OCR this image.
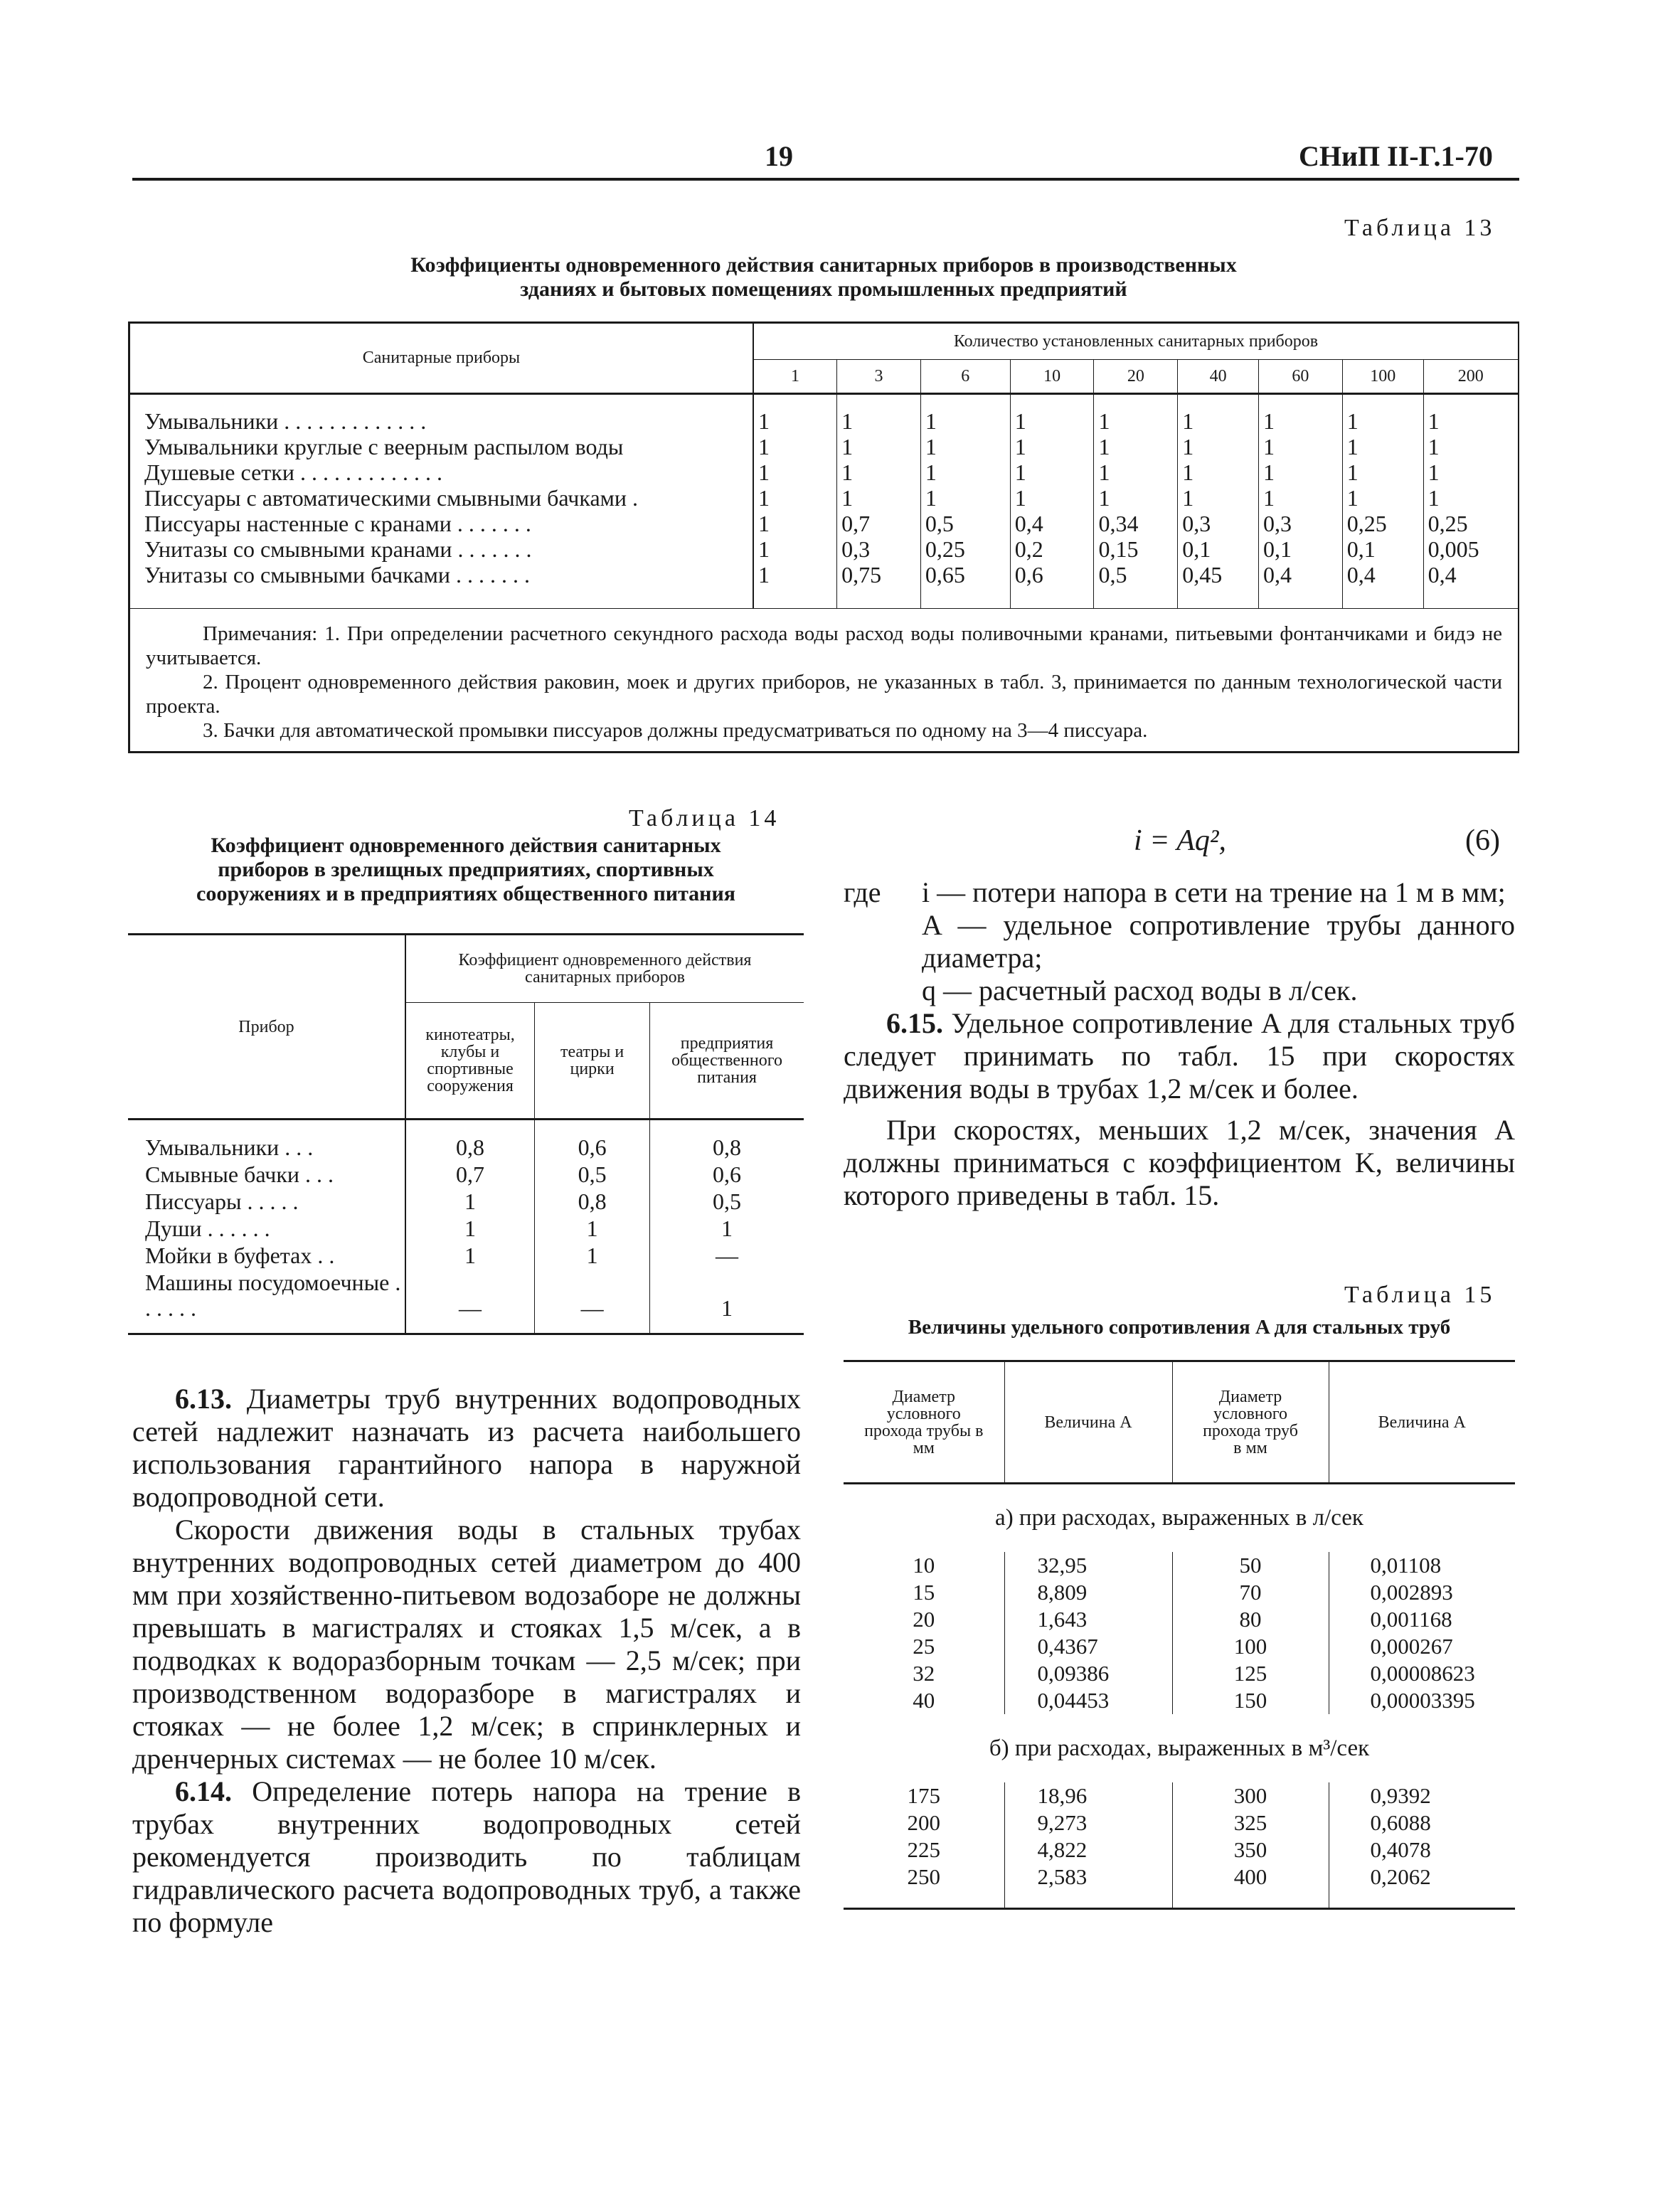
19	СНиП II-Г.1-70
Таблица 13
Коэффициенты одновременного действия санитарных приборов в производственных
зданиях и бытовых помещениях промышленных предприятий
Санитарные приборы	Количество установленных санитарных приборов								
	1	3	6	10	20	40	60	100	200

Умывальники . . . . . . . . . . . . .	1	1	1	1	1	1	1	1	1
Умывальники круглые с веерным распылом воды	1	1	1	1	1	1	1	1	1
Душевые сетки . . . . . . . . . . . . .	1	1	1	1	1	1	1	1	1
Писсуары с автоматическими смывными бачками .	1	1	1	1	1	1	1	1	1
Писсуары настенные с кранами . . . . . . .	1	0,7	0,5	0,4	0,34	0,3	0,3	0,25	0,25
Унитазы со смывными кранами . . . . . . .	1	0,3	0,25	0,2	0,15	0,1	0,1	0,1	0,005
Унитазы со смывными бачками . . . . . . .	1	0,75	0,65	0,6	0,5	0,45	0,4	0,4	0,4

Примечания: 1. При определении расчетного секундного расхода воды расход воды поливочными кранами, питьевыми фонтанчиками и бидэ не учитывается.

2. Процент одновременного действия раковин, моек и других приборов, не указанных в табл. 3, принимается по данным технологической части проекта.

3. Бачки для автоматической промывки писсуаров должны предусматриваться по одному на 3—4 писсуара.									

Таблица 14
Коэффициент одновременного действия санитарных
приборов в зрелищных предприятиях, спортивных
сооружениях и в предприятиях общественного питания
Прибор	Коэффициент одновременного действия санитарных приборов		
	кинотеатры, клубы и спортивные сооружения	театры и цирки	предприятия общественного питания

Умывальники . . .	0,8	0,6	0,8
Смывные бачки . . .	0,7	0,5	0,6
Писсуары . . . . .	1	0,8	0,5
Души . . . . . .	1	1	1
Мойки в буфетах . .	1	1	—
Машины посудомоечные . . . . . .	—	—	1

6.13. Диаметры труб внутренних водопроводных сетей надлежит назначать из расчета наибольшего использования гарантийного напора в наружной водопроводной сети.
Скорости движения воды в стальных трубах внутренних водопроводных сетей диаметром до 400 мм при хозяйственно-питьевом водозаборе не должны превышать в магистралях и стояках 1,5 м/сек, а в подводках к водоразборным точкам — 2,5 м/сек; при производственном водоразборе в магистралях и стояках — не более 1,2 м/сек; в спринклерных и дренчерных системах — не более 10 м/сек.
6.14. Определение потерь напора на трение в трубах внутренних водопроводных сетей рекомендуется производить по таблицам гидравлического расчета водопроводных труб, а также по формуле
i = Aq²,	(6)
где i — потери напора в сети на трение на 1 м в мм;
A — удельное сопротивление трубы данного диаметра;
q — расчетный расход воды в л/сек.
6.15. Удельное сопротивление A для стальных труб следует принимать по табл. 15 при скоростях движения воды в трубах 1,2 м/сек и более.
При скоростях, меньших 1,2 м/сек, значения A должны приниматься с коэффициентом K, величины которого приведены в табл. 15.
Таблица 15
Величины удельного сопротивления A для стальных труб
Диаметр условного прохода трубы в мм	Величина A	Диаметр условного прохода труб в мм	Величина A
а) при расходах, выраженных в л/сек			
10	32,95	50	0,01108
15	8,809	70	0,002893
20	1,643	80	0,001168
25	0,4367	100	0,000267
32	0,09386	125	0,00008623
40	0,04453	150	0,00003395
б) при расходах, выраженных в м³/сек			
175	18,96	300	0,9392
200	9,273	325	0,6088
225	4,822	350	0,4078
250	2,583	400	0,2062
